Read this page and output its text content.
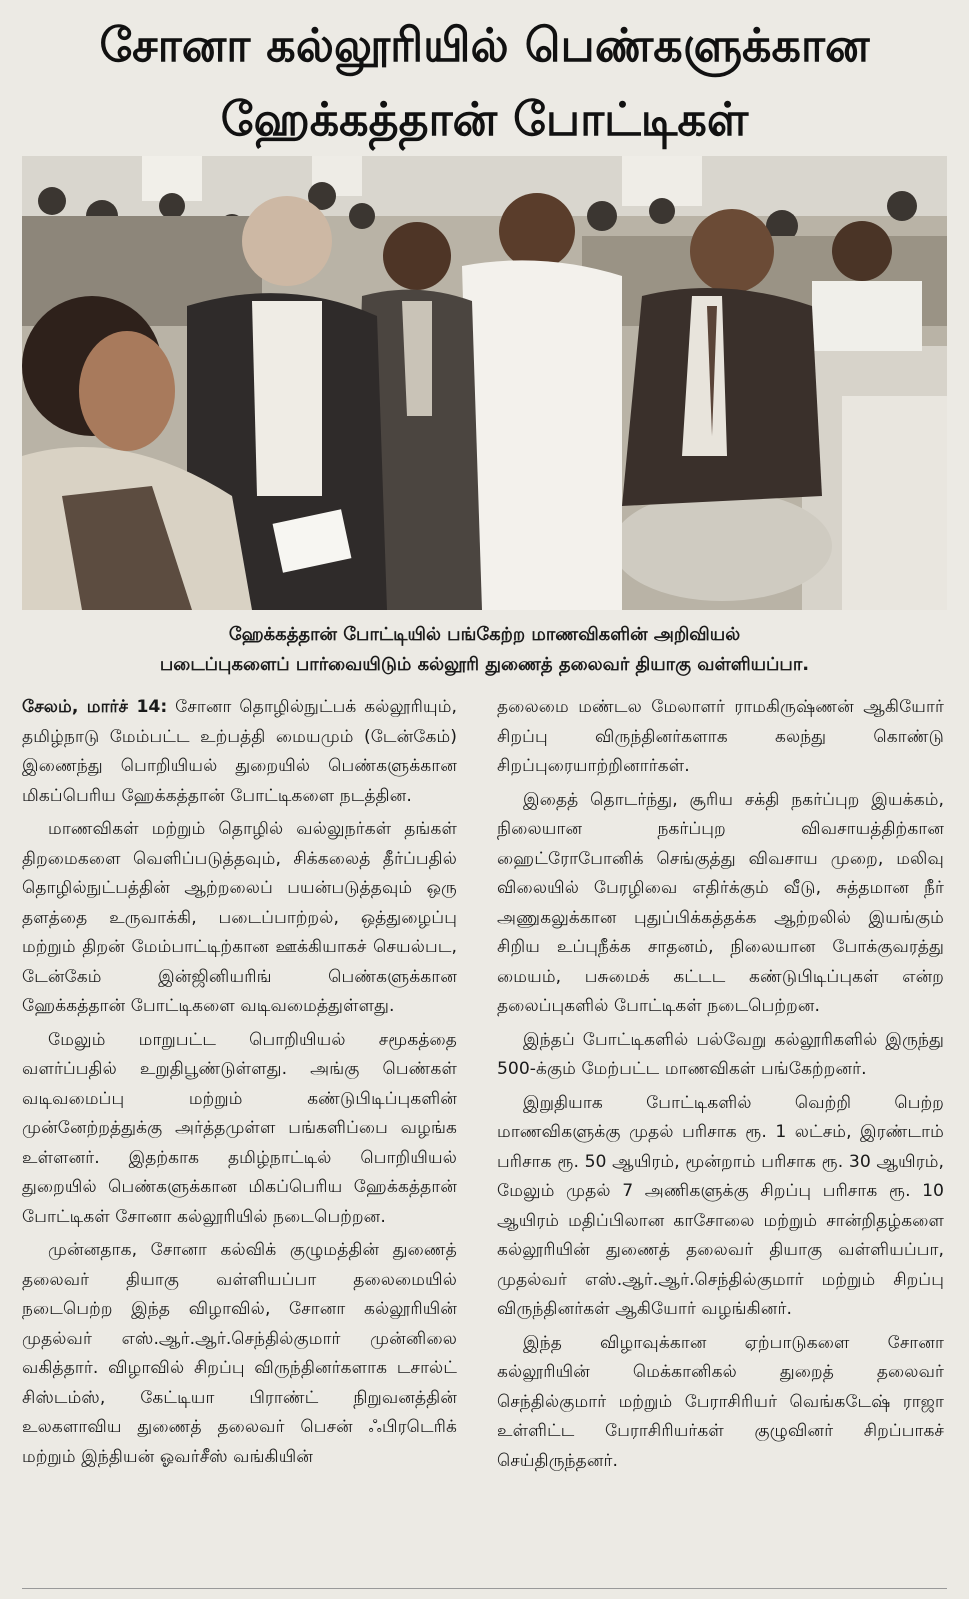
சோனா கல்லூரியில் பெண்களுக்கான
ஹேக்கத்தான் போட்டிகள்
ஹேக்கத்தான் போட்டியில் பங்கேற்ற மாணவிகளின் அறிவியல்
படைப்புகளைப் பார்வையிடும் கல்லூரி துணைத் தலைவர் தியாகு வள்ளியப்பா.

சேலம், மார்ச் 14: சோனா தொழில்நுட்பக் கல்லூரியும், தமிழ்நாடு மேம்பட்ட உற்பத்தி மையமும் (டேன்கேம்) இணைந்து பொறியியல் துறையில் பெண்களுக்கான மிகப்பெரிய ஹேக்கத்தான் போட்டிகளை நடத்தின.

மாணவிகள் மற்றும் தொழில் வல்லுநர்கள் தங்கள் திறமைகளை வெளிப்படுத்தவும், சிக்கலைத் தீர்ப்பதில் தொழில்நுட்பத்தின் ஆற்றலைப் பயன்படுத்தவும் ஒரு தளத்தை உருவாக்கி, படைப்பாற்றல், ஒத்துழைப்பு மற்றும் திறன் மேம்பாட்டிற்கான ஊக்கியாகச் செயல்பட, டேன்கேம் இன்ஜினியரிங் பெண்களுக்கான ஹேக்கத்தான் போட்டிகளை வடிவமைத்துள்ளது.

மேலும் மாறுபட்ட பொறியியல் சமூகத்தை வளர்ப்பதில் உறுதிபூண்டுள்ளது. அங்கு பெண்கள் வடிவமைப்பு மற்றும் கண்டுபிடிப்புகளின் முன்னேற்றத்துக்கு அர்த்தமுள்ள பங்களிப்பை வழங்க உள்ளனர். இதற்காக தமிழ்நாட்டில் பொறியியல் துறையில் பெண்களுக்கான மிகப்பெரிய ஹேக்கத்தான் போட்டிகள் சோனா கல்லூரியில் நடைபெற்றன.

முன்னதாக, சோனா கல்விக் குழுமத்தின் துணைத் தலைவர் தியாகு வள்ளியப்பா தலைமையில் நடைபெற்ற இந்த விழாவில், சோனா கல்லூரியின் முதல்வர் எஸ்.ஆர்.ஆர்.செந்தில்குமார் முன்னிலை வகித்தார். விழாவில் சிறப்பு விருந்தினர்களாக டசால்ட் சிஸ்டம்ஸ், கேட்டியா பிராண்ட் நிறுவனத்தின் உலகளாவிய துணைத் தலைவர் பெசன் ஃபிரடெரிக் மற்றும் இந்தியன் ஓவர்சீஸ் வங்கியின்

தலைமை மண்டல மேலாளர் ராமகிருஷ்ணன் ஆகியோர் சிறப்பு விருந்தினர்களாக கலந்து கொண்டு சிறப்புரையாற்றினார்கள்.

இதைத் தொடர்ந்து, சூரிய சக்தி நகர்ப்புற இயக்கம், நிலையான நகர்ப்புற விவசாயத்திற்கான ஹைட்ரோபோனிக் செங்குத்து விவசாய முறை, மலிவு விலையில் பேரழிவை எதிர்க்கும் வீடு, சுத்தமான நீர் அணுகலுக்கான புதுப்பிக்கத்தக்க ஆற்றலில் இயங்கும் சிறிய உப்புநீக்க சாதனம், நிலையான போக்குவரத்து மையம், பசுமைக் கட்டட கண்டுபிடிப்புகள் என்ற தலைப்புகளில் போட்டிகள் நடைபெற்றன.

இந்தப் போட்டிகளில் பல்வேறு கல்லூரிகளில் இருந்து 500-க்கும் மேற்பட்ட மாணவிகள் பங்கேற்றனர்.

இறுதியாக போட்டிகளில் வெற்றி பெற்ற மாணவிகளுக்கு முதல் பரிசாக ரூ. 1 லட்சம், இரண்டாம் பரிசாக ரூ. 50 ஆயிரம், மூன்றாம் பரிசாக ரூ. 30 ஆயிரம், மேலும் முதல் 7 அணிகளுக்கு சிறப்பு பரிசாக ரூ. 10 ஆயிரம் மதிப்பிலான காசோலை மற்றும் சான்றிதழ்களை கல்லூரியின் துணைத் தலைவர் தியாகு வள்ளியப்பா, முதல்வர் எஸ்.ஆர்.ஆர்.செந்தில்குமார் மற்றும் சிறப்பு விருந்தினர்கள் ஆகியோர் வழங்கினர்.

இந்த விழாவுக்கான ஏற்பாடுகளை சோனா கல்லூரியின் மெக்கானிகல் துறைத் தலைவர் செந்தில்குமார் மற்றும் பேராசிரியர் வெங்கடேஷ் ராஜா உள்ளிட்ட பேராசிரியர்கள் குழுவினர் சிறப்பாகச் செய்திருந்தனர்.
